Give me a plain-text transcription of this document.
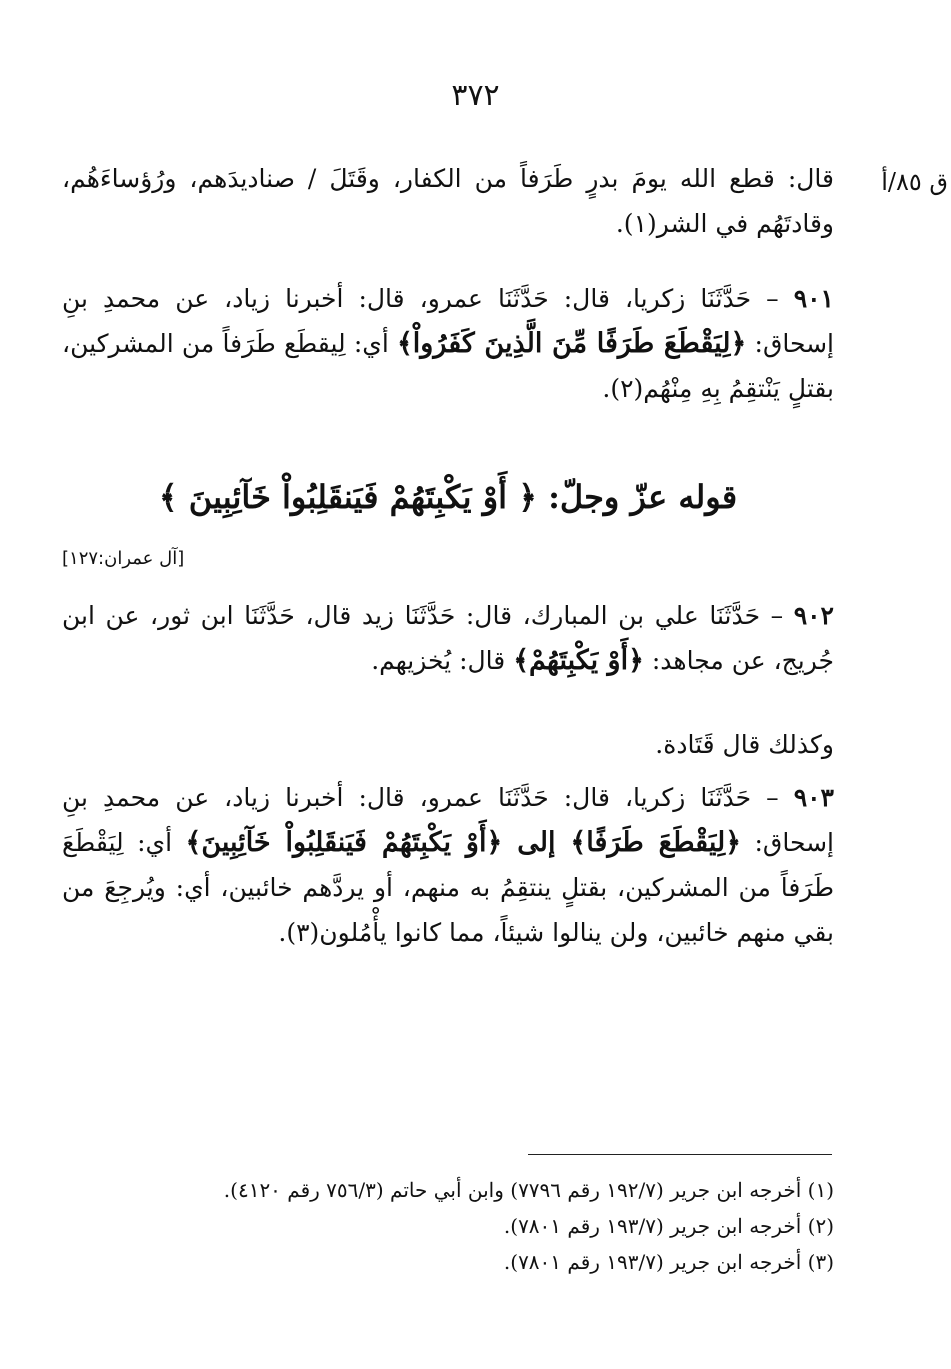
٣٧٢
ق ٨٥/أ
قال: قطع الله يومَ بدرٍ طَرَفاً من الكفار، وقَتَلَ / صناديدَهم، ورُؤساءَهُم، وقادتَهُم في الشر(١).
٩٠١ – حَدَّثَنَا زكريا، قال: حَدَّثَنَا عمرو، قال: أخبرنا زياد، عن محمدِ بنِ إسحاق: ﴿لِيَقْطَعَ طَرَفًا مِّنَ الَّذِينَ كَفَرُواْ﴾ أي: لِيقطَع طَرَفاً من المشركين، بقتلٍ يَنْتقِمُ بِهِ مِنْهُم(٢).
قوله عزّ وجلّ: ﴿ أَوْ يَكْبِتَهُمْ فَيَنقَلِبُواْ خَآئِبِينَ ﴾
[آل عمران:١٢٧]
٩٠٢ – حَدَّثَنَا علي بن المبارك، قال: حَدَّثَنَا زيد قال، حَدَّثَنَا ابن ثور، عن ابن جُريج، عن مجاهد: ﴿أَوْ يَكْبِتَهُمْ﴾ قال: يُخزيهم.
وكذلك قال قَتَادة.
٩٠٣ – حَدَّثَنَا زكريا، قال: حَدَّثَنَا عمرو، قال: أخبرنا زياد، عن محمدِ بنِ إسحاق: ﴿لِيَقْطَعَ طَرَفًا﴾ إلى ﴿أَوْ يَكْبِتَهُمْ فَيَنقَلِبُواْ خَآئِبِينَ﴾ أي: لِيَقْطَعَ طَرَفاً من المشركين، بقتلٍ ينتقِمُ به منهم، أو يردَّهم خائبين، أي: ويُرجِعَ من بقي منهم خائبين، ولن ينالوا شيئاً، مما كانوا يأْمُلون(٣).
(١) أخرجه ابن جرير (١٩٢/٧ رقم ٧٧٩٦) وابن أبي حاتم (٧٥٦/٣ رقم ٤١٢٠).
(٢) أخرجه ابن جرير (١٩٣/٧ رقم ٧٨٠١).
(٣) أخرجه ابن جرير (١٩٣/٧ رقم ٧٨٠١).
